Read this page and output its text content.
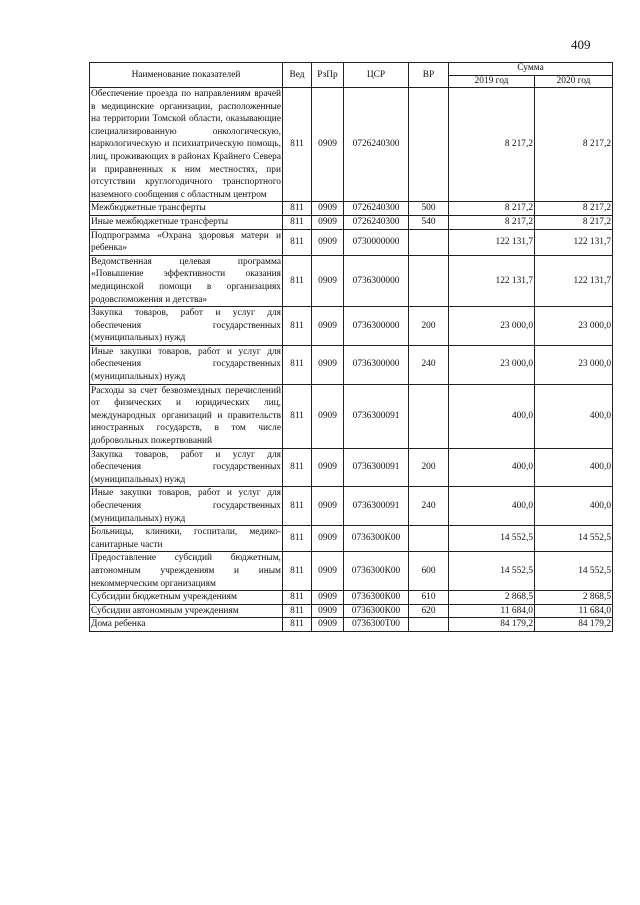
409
Наименование показателей	Вед	РзПр	ЦСР	ВР	Сумма	
					2019 год	2020 год
Обеспечение проезда по направлениям врачей в медицинские организации, расположенные на территории Томской области, оказывающие специализированную онкологическую, наркологическую и психиатрическую помощь, лиц, проживающих в районах Крайнего Севера и приравненных к ним местностях, при отсутствии круглогодичного транспортного наземного сообщения с областным центром	811	0909	0726240300		8 217,2	8 217,2
Межбюджетные трансферты	811	0909	0726240300	500	8 217,2	8 217,2
Иные межбюджетные трансферты	811	0909	0726240300	540	8 217,2	8 217,2
Подпрограмма «Охрана здоровья матери и ребенка»	811	0909	0730000000		122 131,7	122 131,7
Ведомственная целевая программа «Повышение эффективности оказания медицинской помощи в организациях родовспоможения и детства»	811	0909	0736300000		122 131,7	122 131,7
Закупка товаров, работ и услуг для обеспечения государственных (муниципальных) нужд	811	0909	0736300000	200	23 000,0	23 000,0
Иные закупки товаров, работ и услуг для обеспечения государственных (муниципальных) нужд	811	0909	0736300000	240	23 000,0	23 000,0
Расходы за счет безвозмездных перечислений от физических и юридических лиц, международных организаций и правительств иностранных государств, в том числе добровольных пожертвований	811	0909	0736300091		400,0	400,0
Закупка товаров, работ и услуг для обеспечения государственных (муниципальных) нужд	811	0909	0736300091	200	400,0	400,0
Иные закупки товаров, работ и услуг для обеспечения государственных (муниципальных) нужд	811	0909	0736300091	240	400,0	400,0
Больницы, клиники, госпитали, медико-санитарные части	811	0909	0736300К00		14 552,5	14 552,5
Предоставление субсидий бюджетным, автономным учреждениям и иным некоммерческим организациям	811	0909	0736300К00	600	14 552,5	14 552,5
Субсидии бюджетным учреждениям	811	0909	0736300К00	610	2 868,5	2 868,5
Субсидии автономным учреждениям	811	0909	0736300К00	620	11 684,0	11 684,0
Дома ребенка	811	0909	0736300Т00		84 179,2	84 179,2
